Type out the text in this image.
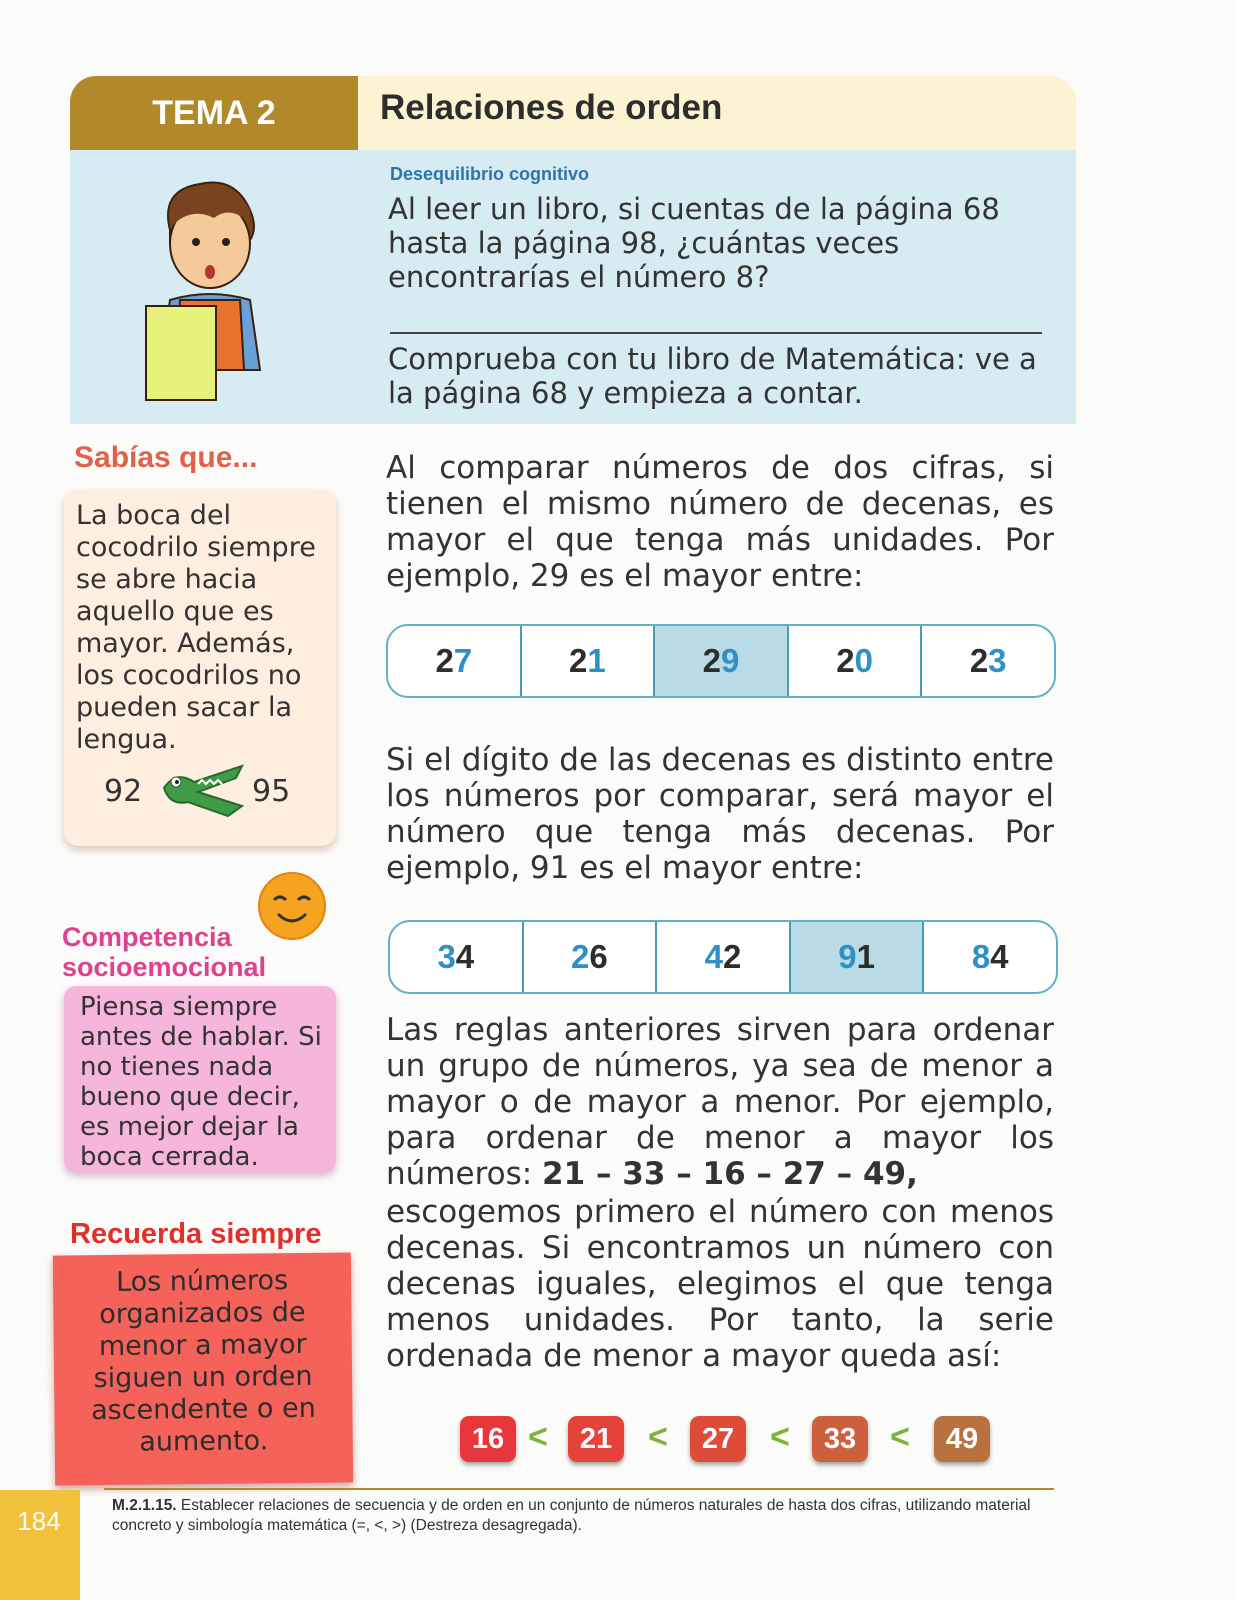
TEMA 2	Relaciones de orden
Desequilibrio cognitivo
Al leer un libro, si cuentas de la página 68 hasta la página 98, ¿cuántas veces encontrarías el número 8?
Comprueba con tu libro de Matemática: ve a la página 68 y empieza a contar.
Sabías que...
La boca del cocodrilo siempre se abre hacia aquello que es mayor. Además, los cocodrilos no pueden sacar la lengua.
92	95
Competencia
socioemocional
Piensa siempre antes de hablar. Si no tienes nada bueno que decir, es mejor dejar la boca cerrada.
Recuerda siempre
Los números organizados de menor a mayor siguen un orden ascendente o en aumento.
Al comparar números de dos cifras, si tienen el mismo número de decenas, es mayor el que tenga más unidades. Por ejemplo, 29 es el mayor entre:
2 7	2 1	2 9	2 0	2 3
Si el dígito de las decenas es distinto entre los números por comparar, será mayor el número que tenga más decenas. Por ejemplo, 91 es el mayor entre:
3 4	2 6	4 2	9 1	8 4
Las reglas anteriores sirven para ordenar un grupo de números, ya sea de menor a mayor o de mayor a menor. Por ejemplo, para ordenar de menor a mayor los números: 21 – 33 – 16 – 27 – 49,
escogemos primero el número con menos decenas. Si encontramos un número con decenas iguales, elegimos el que tenga menos unidades. Por tanto, la serie ordenada de menor a mayor queda así:
16 <	21	<	27	<	33 <	49
M.2.1.15. Establecer relaciones de secuencia y de orden en un conjunto de números naturales de hasta dos cifras, utilizando material concreto y simbología matemática (=, <, >) (Destreza desagregada).
184
